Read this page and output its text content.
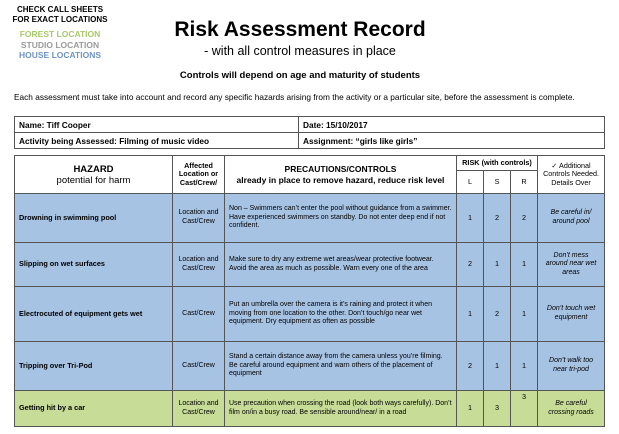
CHECK CALL SHEETS
FOR EXACT LOCATIONS
FOREST LOCATION
STUDIO LOCATION
HOUSE LOCATIONS
Risk Assessment Record
- with all control measures in place
Controls will depend on age and maturity of students
Each assessment must take into account and record any specific hazards arising from the activity or a particular site, before the assessment is complete.
Name: Tiff Cooper	Date: 15/10/2017
Activity being Assessed: Filming of music video	Assignment: “girls like girls”
HAZARD
potential for harm	Affected Location or Cast/Crew/	PRECAUTIONS/CONTROLS
already in place to remove hazard, reduce risk level	RISK (with controls)			✓ Additional Controls Needed. Details Over
			L	S	R	
Drowning in swimming pool	Location and Cast/Crew	Non – Swimmers can’t enter the pool without guidance from a swimmer. Have experienced swimmers on standby. Do not enter deep end if not confident.	1	2	2	Be careful in/ around pool
Slipping on wet surfaces	Location and Cast/Crew	Make sure to dry any extreme wet areas/wear protective footwear. Avoid the area as much as possible. Warn every one of the area	2	1	1	Don’t mess around near wet areas
Electrocuted of equipment gets wet	Cast/Crew	Put an umbrella over the camera is it’s raining and protect it when moving from one location to the other. Don’t touch/go near wet equipment. Dry equipment as often as possible	1	2	1	Don’t touch wet equipment
Tripping over Tri-Pod	Cast/Crew	Stand a certain distance away from the camera unless you’re filming. Be careful around equipment and warn others of the placement of equipment	2	1	1	Don’t walk too near tri-pod
Getting hit by a car	Location and Cast/Crew	Use precaution when crossing the road (look both ways carefully). Don’t film on/in a busy road. Be sensible around/near/ in a road	1	3	3	Be careful crossing roads
